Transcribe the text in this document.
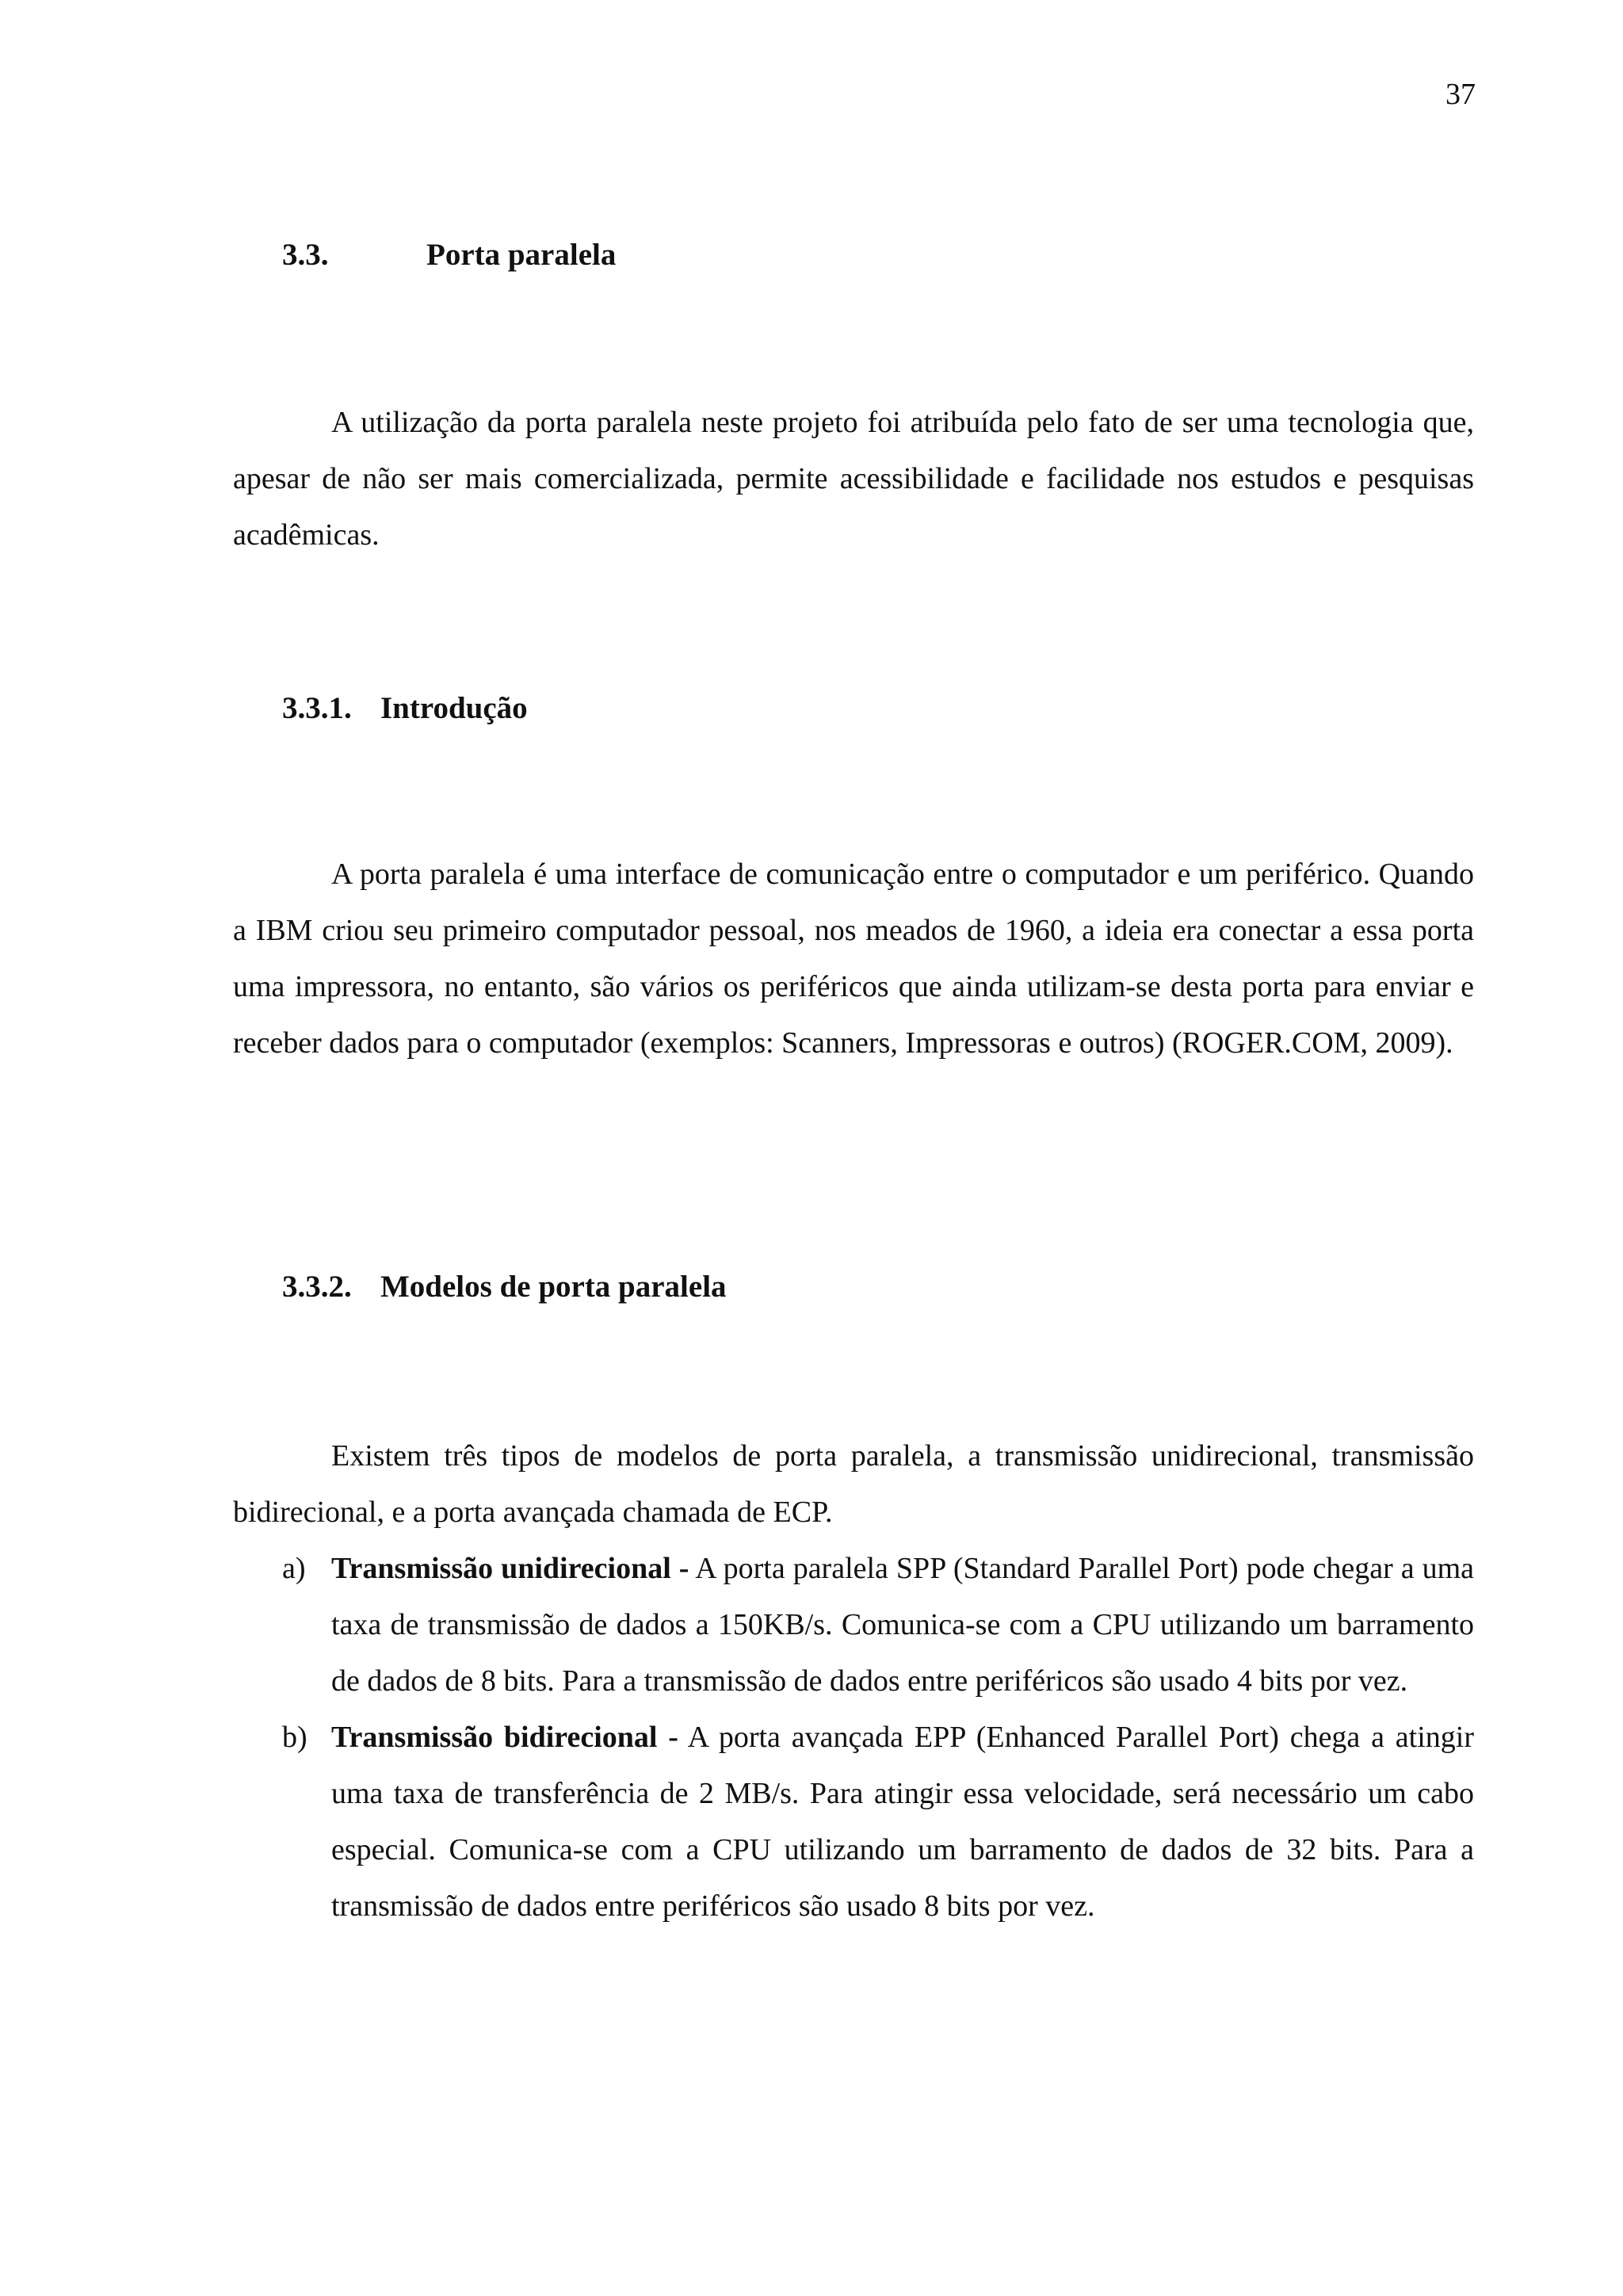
37
3.3.	Porta paralela

A utilização da porta paralela neste projeto foi atribuída pelo fato de ser uma tecnologia que, apesar de não ser mais comercializada, permite acessibilidade e facilidade nos estudos e pesquisas acadêmicas.

3.3.1. Introdução

A porta paralela é uma interface de comunicação entre o computador e um periférico. Quando a IBM criou seu primeiro computador pessoal, nos meados de 1960, a ideia era conectar a essa porta uma impressora, no entanto, são vários os periféricos que ainda utilizam-se desta porta para enviar e receber dados para o computador (exemplos: Scanners, Impressoras e outros) (ROGER.COM, 2009).

3.3.2. Modelos de porta paralela

Existem três tipos de modelos de porta paralela, a transmissão unidirecional, transmissão bidirecional, e a porta avançada chamada de ECP.

a) Transmissão unidirecional - A porta paralela SPP (Standard Parallel Port) pode chegar a uma taxa de transmissão de dados a 150KB/s. Comunica-se com a CPU utilizando um barramento de dados de 8 bits. Para a transmissão de dados entre periféricos são usado 4 bits por vez.
b) Transmissão bidirecional - A porta avançada EPP (Enhanced Parallel Port) chega a atingir uma taxa de transferência de 2 MB/s. Para atingir essa velocidade, será necessário um cabo especial. Comunica-se com a CPU utilizando um barramento de dados de 32 bits. Para a transmissão de dados entre periféricos são usado 8 bits por vez.
